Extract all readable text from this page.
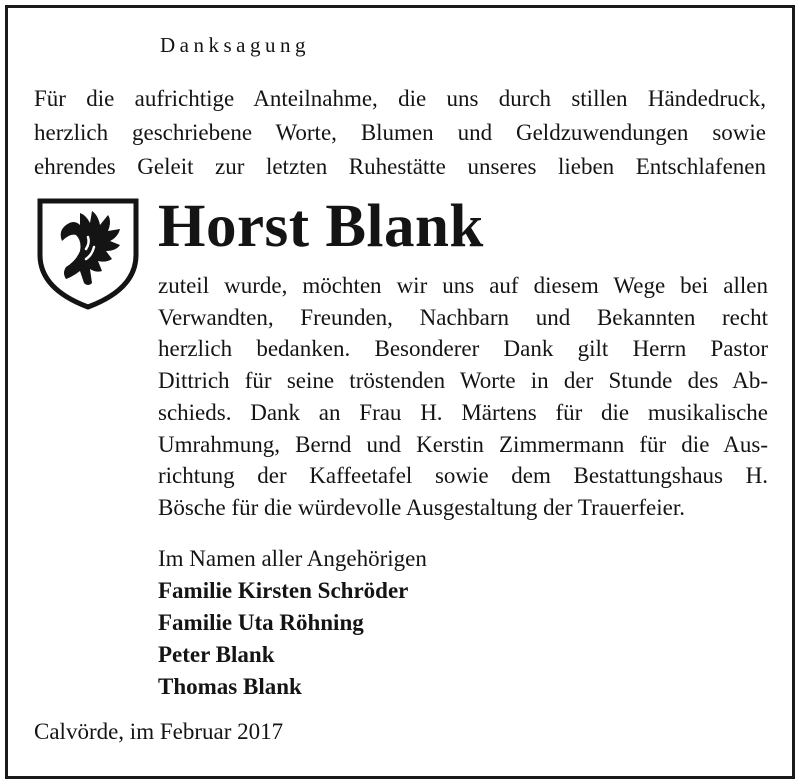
Danksagung
Für die aufrichtige Anteilnahme, die uns durch stillen Händedruck,
herzlich geschriebene Worte, Blumen und Geldzuwendungen sowie
ehrendes Geleit zur letzten Ruhestätte unseres lieben Entschlafenen
Horst Blank
zuteil wurde, möchten wir uns auf diesem Wege bei allen
Verwandten, Freunden, Nachbarn und Bekannten recht
herzlich bedanken. Besonderer Dank gilt Herrn Pastor
Dittrich für seine tröstenden Worte in der Stunde des Ab-
schieds. Dank an Frau H. Märtens für die musikalische
Umrahmung, Bernd und Kerstin Zimmermann für die Aus-
richtung der Kaffeetafel sowie dem Bestattungshaus H.
Bösche für die würdevolle Ausgestaltung der Trauerfeier.
Im Namen aller Angehörigen
Familie Kirsten Schröder
Familie Uta Röhning
Peter Blank
Thomas Blank
Calvörde, im Februar 2017
